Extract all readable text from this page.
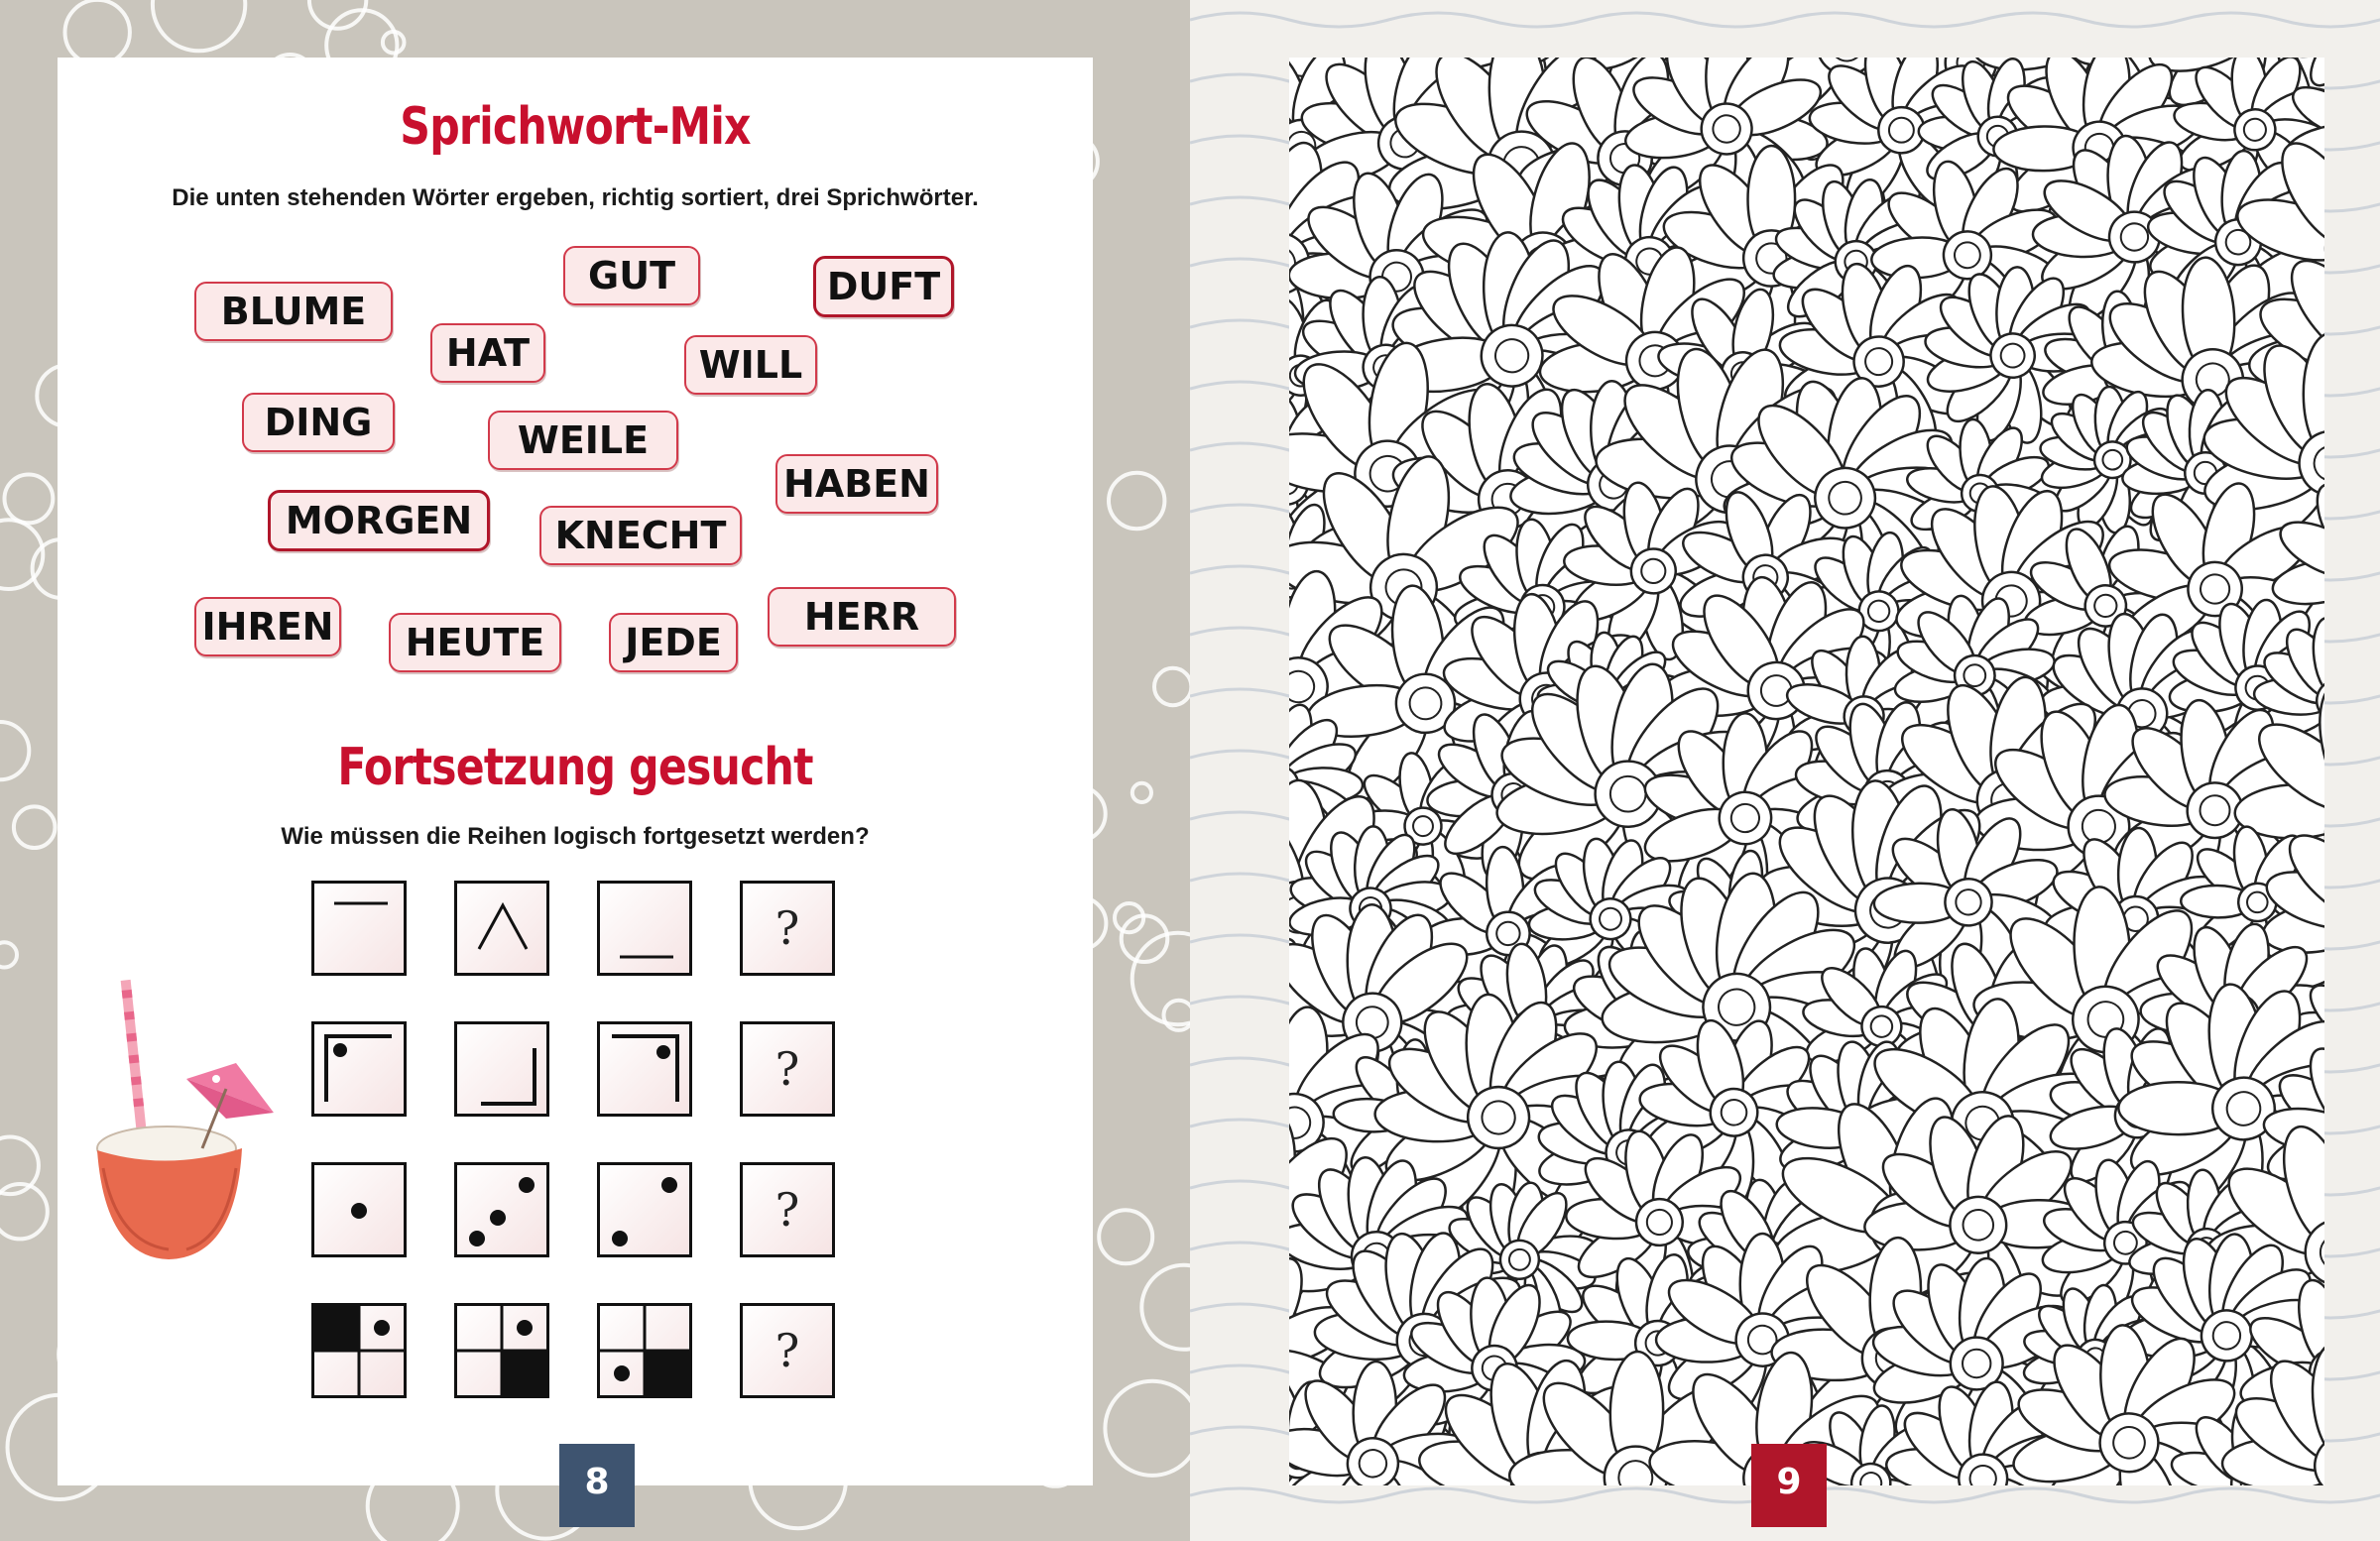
Sprichwort-Mix
Die unten stehenden Wörter ergeben, richtig sortiert, drei Sprichwörter.
BLUME
GUT	DUFT
HAT	WILL
DING	WEILE
HABEN
MORGEN	KNECHT
IHREN	HEUTE	JEDE
HERR
Fortsetzung gesucht
Wie müssen die Reihen logisch fortgesetzt werden?
?
?
?
?
8	9
